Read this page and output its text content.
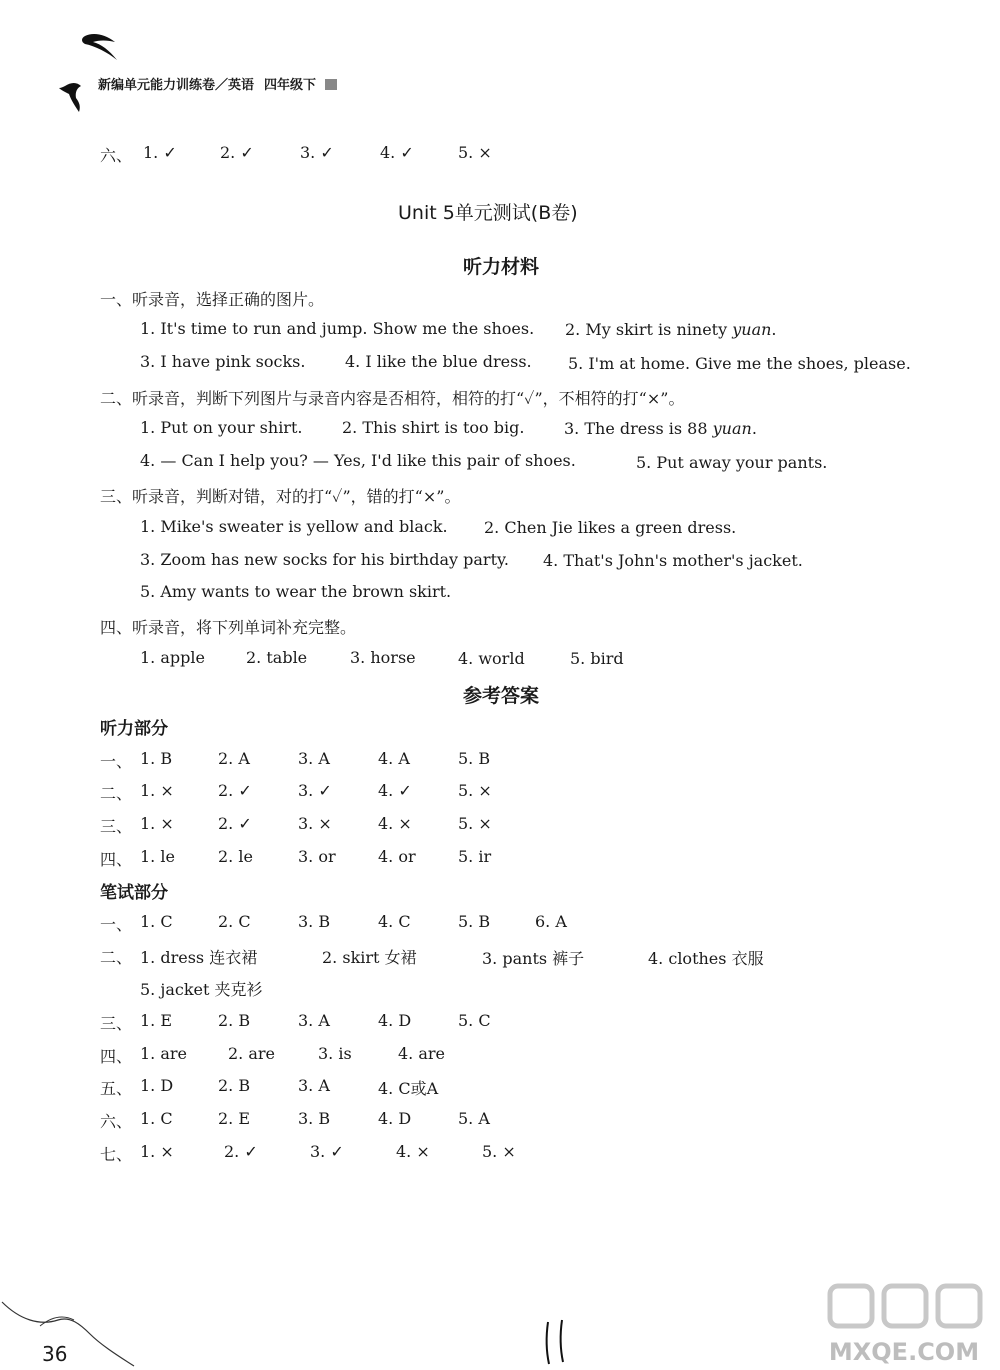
新编单元能力训练卷／英语 四年级下
六、 1. ✓	2. ✓	3. ✓	4. ✓	5. ×
Unit 5单元测试(B卷)
听力材料
一、听录音，选择正确的图片。
1. It's time to run and jump. Show me the shoes. 2. My skirt is ninety yuan.
3. I have pink socks. 4. I like the blue dress. 5. I'm at home. Give me the shoes, please.
二、听录音，判断下列图片与录音内容是否相符，相符的打“✓”，不相符的打“×”。
1. Put on your shirt. 2. This shirt is too big. 3. The dress is 88 yuan.
4. — Can I help you? — Yes, I'd like this pair of shoes.	5. Put away your pants.
三、听录音，判断对错，对的打“✓”，错的打“×”。
1. Mike's sweater is yellow and black. 2. Chen Jie likes a green dress.
3. Zoom has new socks for his birthday party. 4. That's John's mother's jacket.
5. Amy wants to wear the brown skirt.
四、听录音，将下列单词补充完整。
1. apple	2. table	3. horse	4. world	5. bird
参考答案
听力部分
一、 1. B	2. A	3. A	4. A	5. B
二、 1. ×	2. ✓	3. ✓	4. ✓	5. ×
三、 1. ×	2. ✓	3. ×	4. ×	5. ×
四、 1. le	2. le	3. or	4. or	5. ir
笔试部分
一、 1. C	2. C	3. B	4. C	5. B	6. A
二、 1. dress 连衣裙	2. skirt 女裙	3. pants 裤子	4. clothes 衣服
5. jacket 夹克衫
三、 1. E	2. B	3. A	4. D	5. C
四、 1. are	2. are	3. is	4. are
五、 1. D	2. B	3. A	4. C或A
六、 1. C	2. E	3. B	4. D	5. A
七、 1. ×	2. ✓	3. ✓	4. ×	5. ×
36	MXQE.COM
